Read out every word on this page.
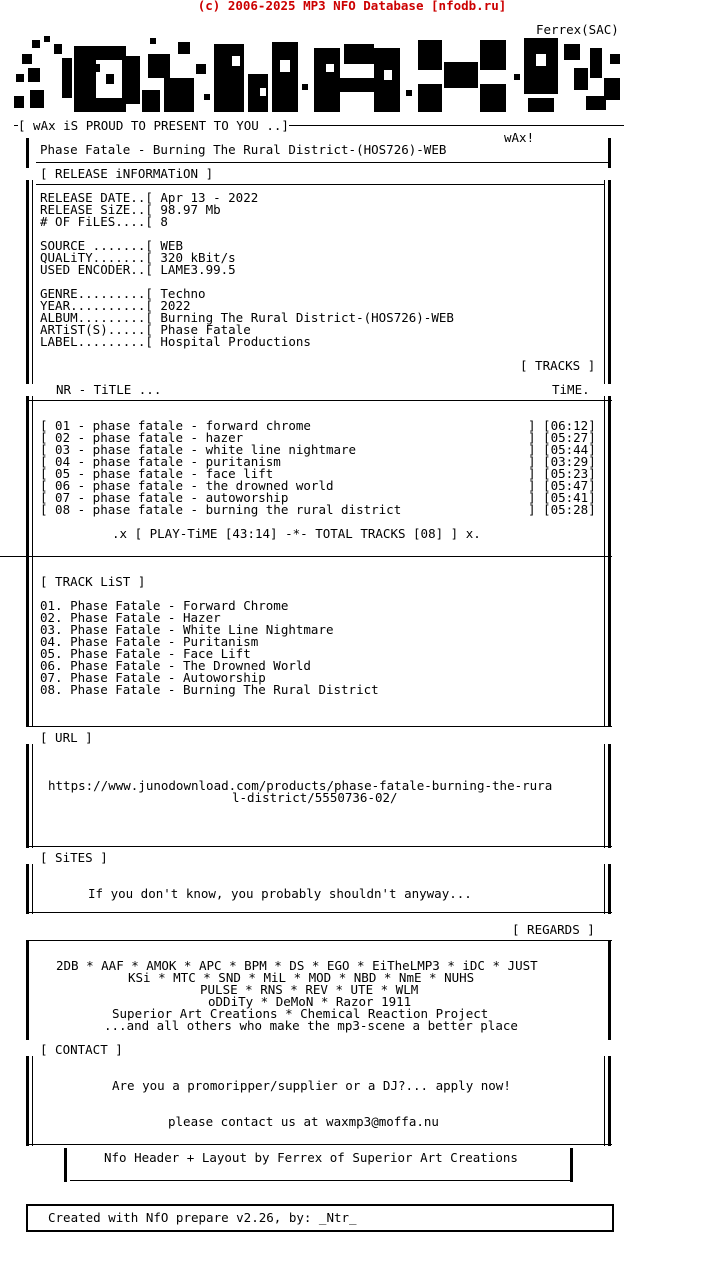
(c) 2006-2025 MP3 NFO Database [nfodb.ru]
Ferrex(SAC)
[ wAx iS PROUD TO PRESENT TO YOU ..]
wAx!
Phase Fatale - Burning The Rural District-(HOS726)-WEB
[ RELEASE iNFORMATiON ]
RELEASE DATE..[ Apr 13 - 2022
RELEASE SiZE..[ 98.97 Mb
# OF FiLES....[ 8
SOURCE .......[ WEB
QUALiTY.......[ 320 kBit/s
USED ENCODER..[ LAME3.99.5
GENRE.........[ Techno
YEAR..........[ 2022
ALBUM.........[ Burning The Rural District-(HOS726)-WEB
ARTiST(S).....[ Phase Fatale
LABEL.........[ Hospital Productions
[ TRACKS ]
NR - TiTLE ...	TiME.
[ 01 - phase fatale - forward chrome	] [06:12]
[ 02 - phase fatale - hazer	] [05:27]
[ 03 - phase fatale - white line nightmare	] [05:44]
[ 04 - phase fatale - puritanism	] [03:29]
[ 05 - phase fatale - face lift	] [05:23]
[ 06 - phase fatale - the drowned world	] [05:47]
[ 07 - phase fatale - autoworship	] [05:41]
[ 08 - phase fatale - burning the rural district	] [05:28]
.x [ PLAY-TiME [43:14] -*- TOTAL TRACKS [08] ] x.
[ TRACK LiST ]
01. Phase Fatale - Forward Chrome
02. Phase Fatale - Hazer
03. Phase Fatale - White Line Nightmare
04. Phase Fatale - Puritanism
05. Phase Fatale - Face Lift
06. Phase Fatale - The Drowned World
07. Phase Fatale - Autoworship
08. Phase Fatale - Burning The Rural District
[ URL ]
https://www.junodownload.com/products/phase-fatale-burning-the-rura
l-district/5550736-02/
[ SiTES ]
If you don't know, you probably shouldn't anyway...
[ REGARDS ]
2DB * AAF * AMOK * APC * BPM * DS * EGO * EiTheLMP3 * iDC * JUST
KSi * MTC * SND * MiL * MOD * NBD * NmE * NUHS
PULSE * RNS * REV * UTE * WLM
oDDiTy * DeMoN * Razor 1911
Superior Art Creations * Chemical Reaction Project
...and all others who make the mp3-scene a better place
[ CONTACT ]
Are you a promoripper/supplier or a DJ?... apply now!
please contact us at waxmp3@moffa.nu
Nfo Header + Layout by Ferrex of Superior Art Creations
Created with NfO prepare v2.26, by: _Ntr_
